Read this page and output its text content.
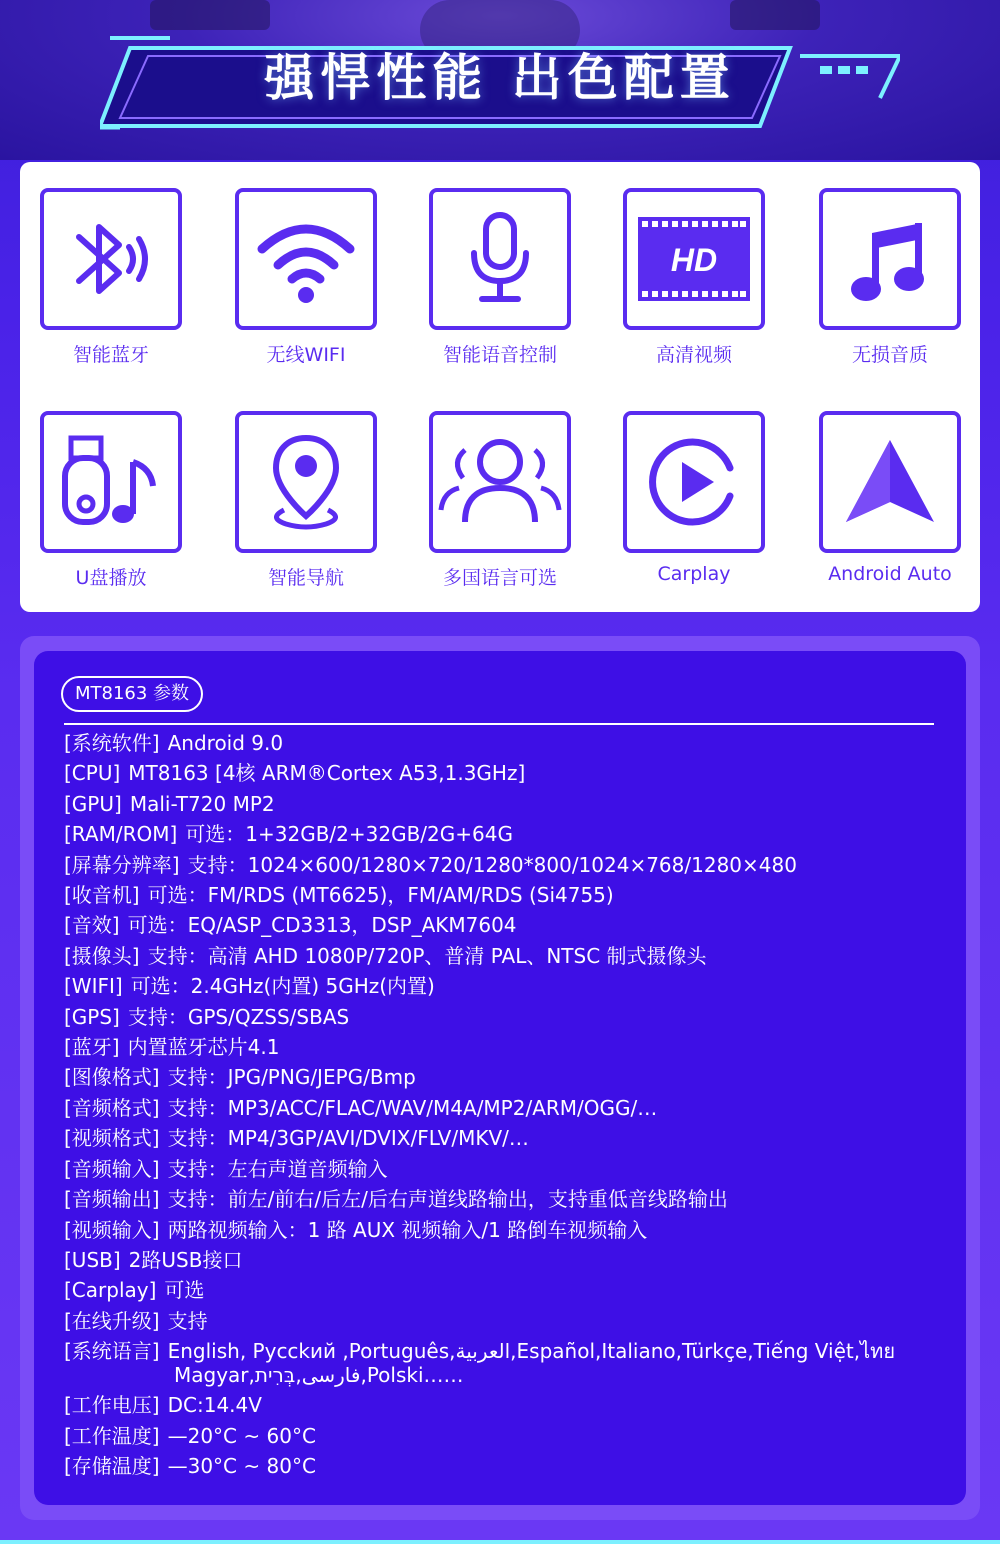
强悍性能 出色配置
智能蓝牙	无线WIFI	智能语音控制
HD
高清视频	无损音质
U盘播放	智能导航	多国语言可选	Carplay	Android Auto
MT8163 参数
[系统软件] Android 9.0
[CPU] MT8163 [4核 ARM®Cortex A53,1.3GHz]
[GPU] Mali-T720 MP2
[RAM/ROM] 可选：1+32GB/2+32GB/2G+64G
[屏幕分辨率] 支持：1024×600/1280×720/1280*800/1024×768/1280×480
[收音机] 可选：FM/RDS (MT6625)，FM/AM/RDS (Si4755)
[音效] 可选：EQ/ASP_CD3313，DSP_AKM7604
[摄像头] 支持：高清 AHD 1080P/720P、普清 PAL、NTSC 制式摄像头
[WIFI] 可选：2.4GHz(内置) 5GHz(内置)
[GPS] 支持：GPS/QZSS/SBAS
[蓝牙] 内置蓝牙芯片4.1
[图像格式] 支持：JPG/PNG/JEPG/Bmp
[音频格式] 支持：MP3/ACC/FLAC/WAV/M4A/MP2/ARM/OGG/…
[视频格式] 支持：MP4/3GP/AVI/DVIX/FLV/MKV/…
[音频输入] 支持：左右声道音频输入
[音频输出] 支持：前左/前右/后左/后右声道线路输出，支持重低音线路输出
[视频输入] 两路视频输入：1 路 AUX 视频输入/1 路倒车视频输入
[USB] 2路USB接口
[Carplay] 可选
[在线升级] 支持
[系统语言] English, Pycckий ,Português,العربية,Español,Italiano,Türkçe,Tiếng Việt,ไทย
Magyar,فارسی,בְּרִית,Polski……
[工作电压] DC:14.4V
[工作温度] —20°C ~ 60°C
[存储温度] —30°C ~ 80°C
